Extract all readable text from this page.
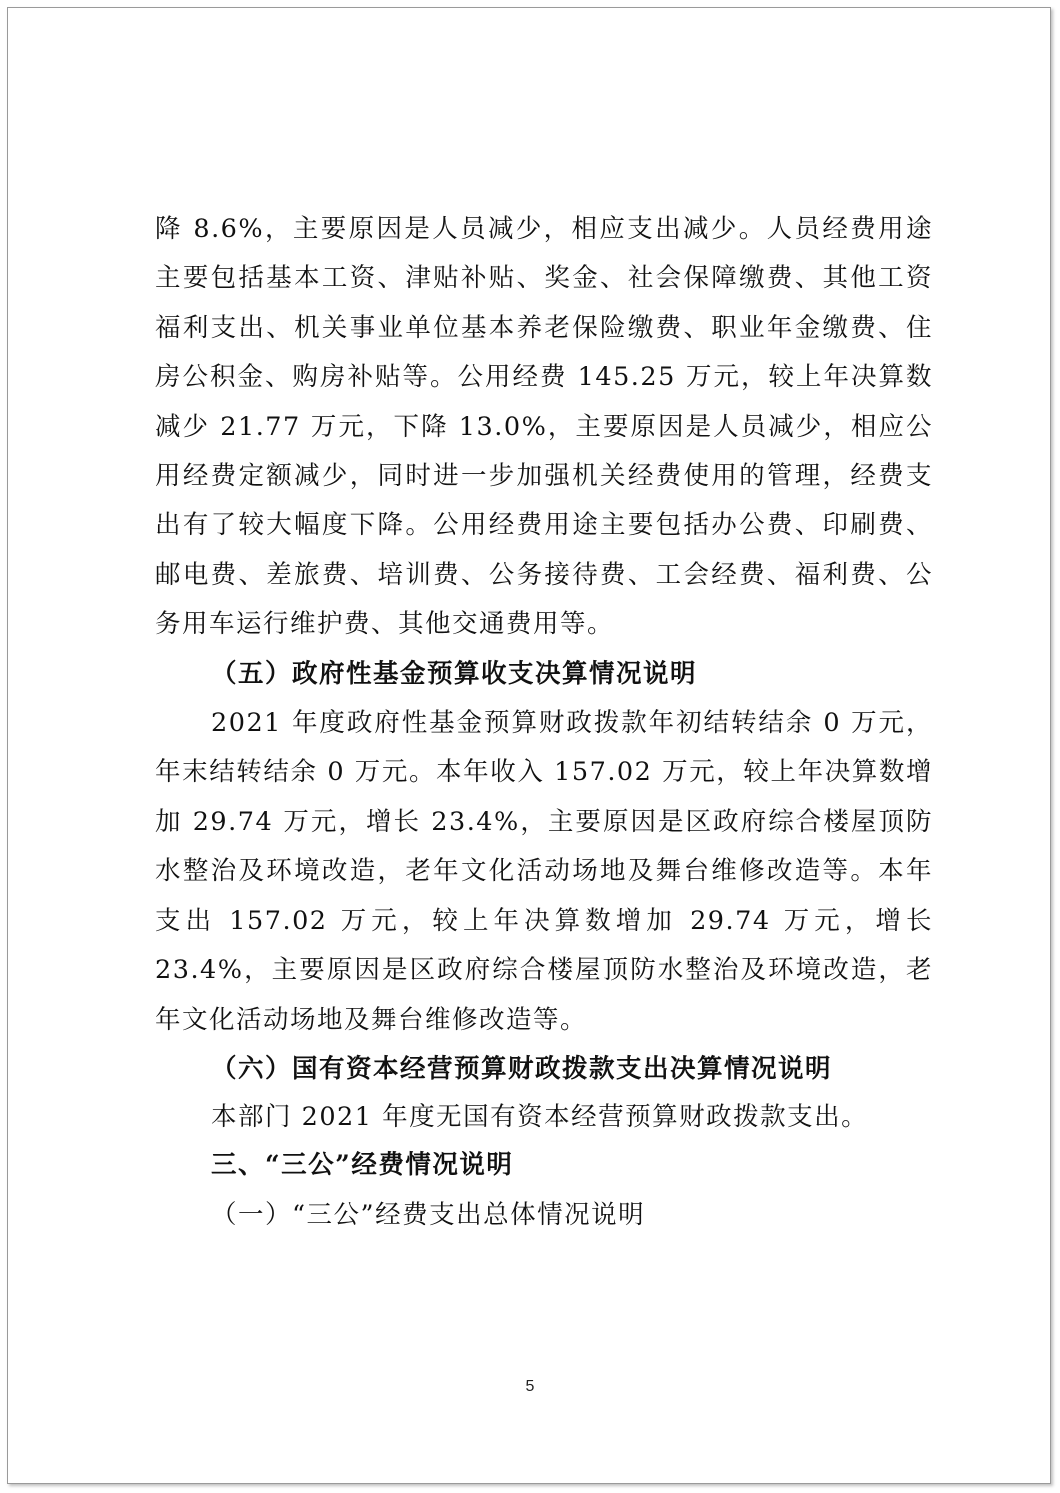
降 8.6%，主要原因是人员减少，相应支出减少。人员经费用途主要包括基本工资、津贴补贴、奖金、社会保障缴费、其他工资福利支出、机关事业单位基本养老保险缴费、职业年金缴费、住房公积金、购房补贴等。公用经费 145.25 万元，较上年决算数减少 21.77 万元，下降 13.0%，主要原因是人员减少，相应公用经费定额减少，同时进一步加强机关经费使用的管理，经费支出有了较大幅度下降。公用经费用途主要包括办公费、印刷费、邮电费、差旅费、培训费、公务接待费、工会经费、福利费、公务用车运行维护费、其他交通费用等。

（五）政府性基金预算收支决算情况说明

2021 年度政府性基金预算财政拨款年初结转结余 0 万元，年末结转结余 0 万元。本年收入 157.02 万元，较上年决算数增加 29.74 万元，增长 23.4%，主要原因是区政府综合楼屋顶防水整治及环境改造，老年文化活动场地及舞台维修改造等。本年支出 157.02 万元，较上年决算数增加 29.74 万元，增长 23.4%，主要原因是区政府综合楼屋顶防水整治及环境改造，老年文化活动场地及舞台维修改造等。

（六）国有资本经营预算财政拨款支出决算情况说明

本部门 2021 年度无国有资本经营预算财政拨款支出。

三、“三公”经费情况说明

（一）“三公”经费支出总体情况说明

5
